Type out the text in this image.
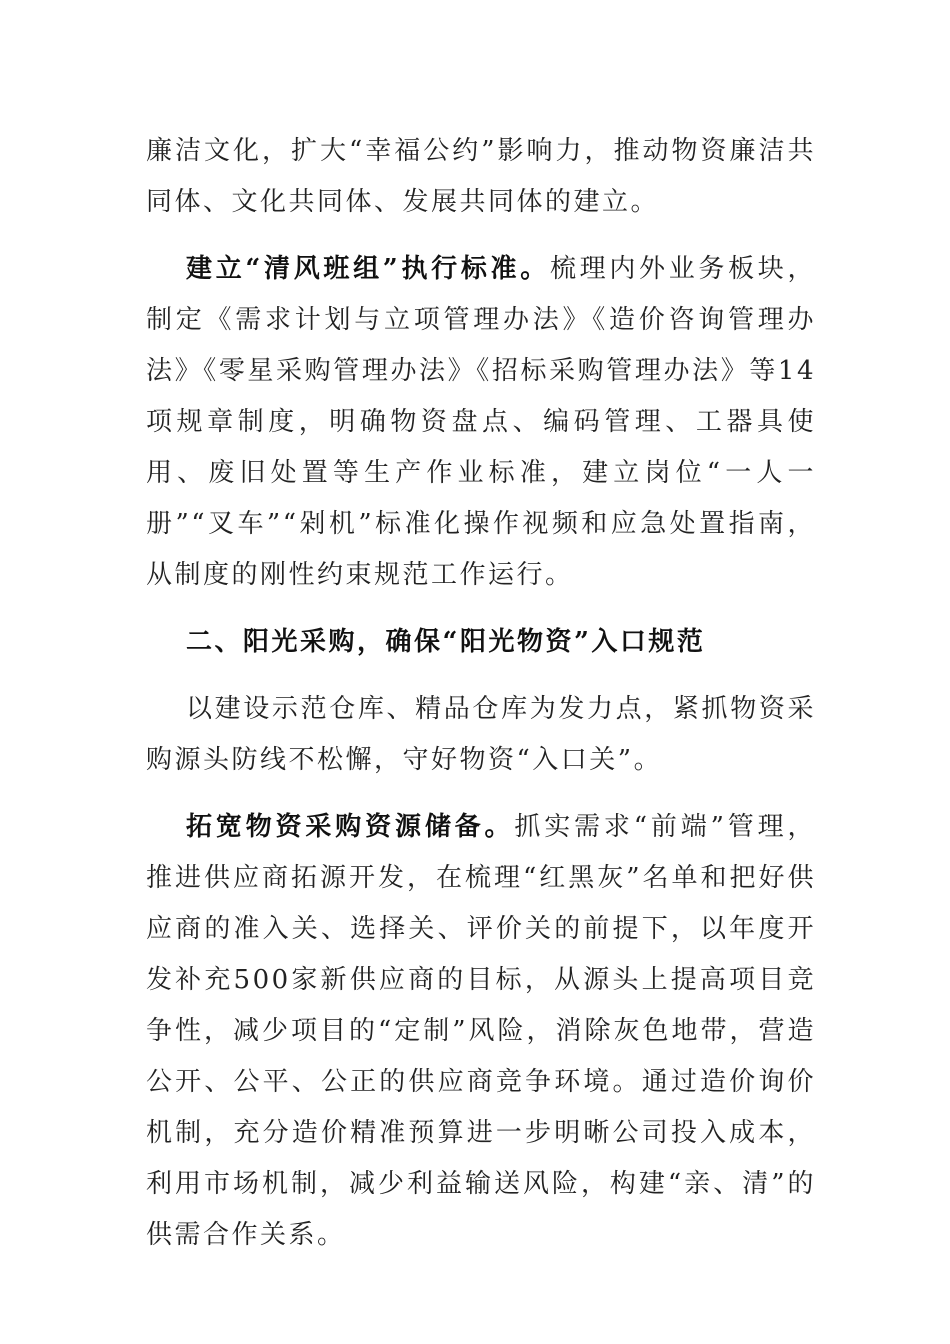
廉洁文化，扩大“幸福公约”影响力，推动物资廉洁共同体、文化共同体、发展共同体的建立。

建立“清风班组”执行标准。梳理内外业务板块，制定《需求计划与立项管理办法》《造价咨询管理办法》《零星采购管理办法》《招标采购管理办法》等14项规章制度，明确物资盘点、编码管理、工器具使用、废旧处置等生产作业标准，建立岗位“一人一册”“叉车”“剁机”标准化操作视频和应急处置指南，从制度的刚性约束规范工作运行。

二、阳光采购，确保“阳光物资”入口规范

以建设示范仓库、精品仓库为发力点，紧抓物资采购源头防线不松懈，守好物资“入口关”。

拓宽物资采购资源储备。抓实需求“前端”管理，推进供应商拓源开发，在梳理“红黑灰”名单和把好供应商的准入关、选择关、评价关的前提下，以年度开发补充500家新供应商的目标，从源头上提高项目竞争性，减少项目的“定制”风险，消除灰色地带，营造公开、公平、公正的供应商竞争环境。通过造价询价机制，充分造价精准预算进一步明晰公司投入成本，利用市场机制，减少利益输送风险，构建“亲、清”的供需合作关系。
